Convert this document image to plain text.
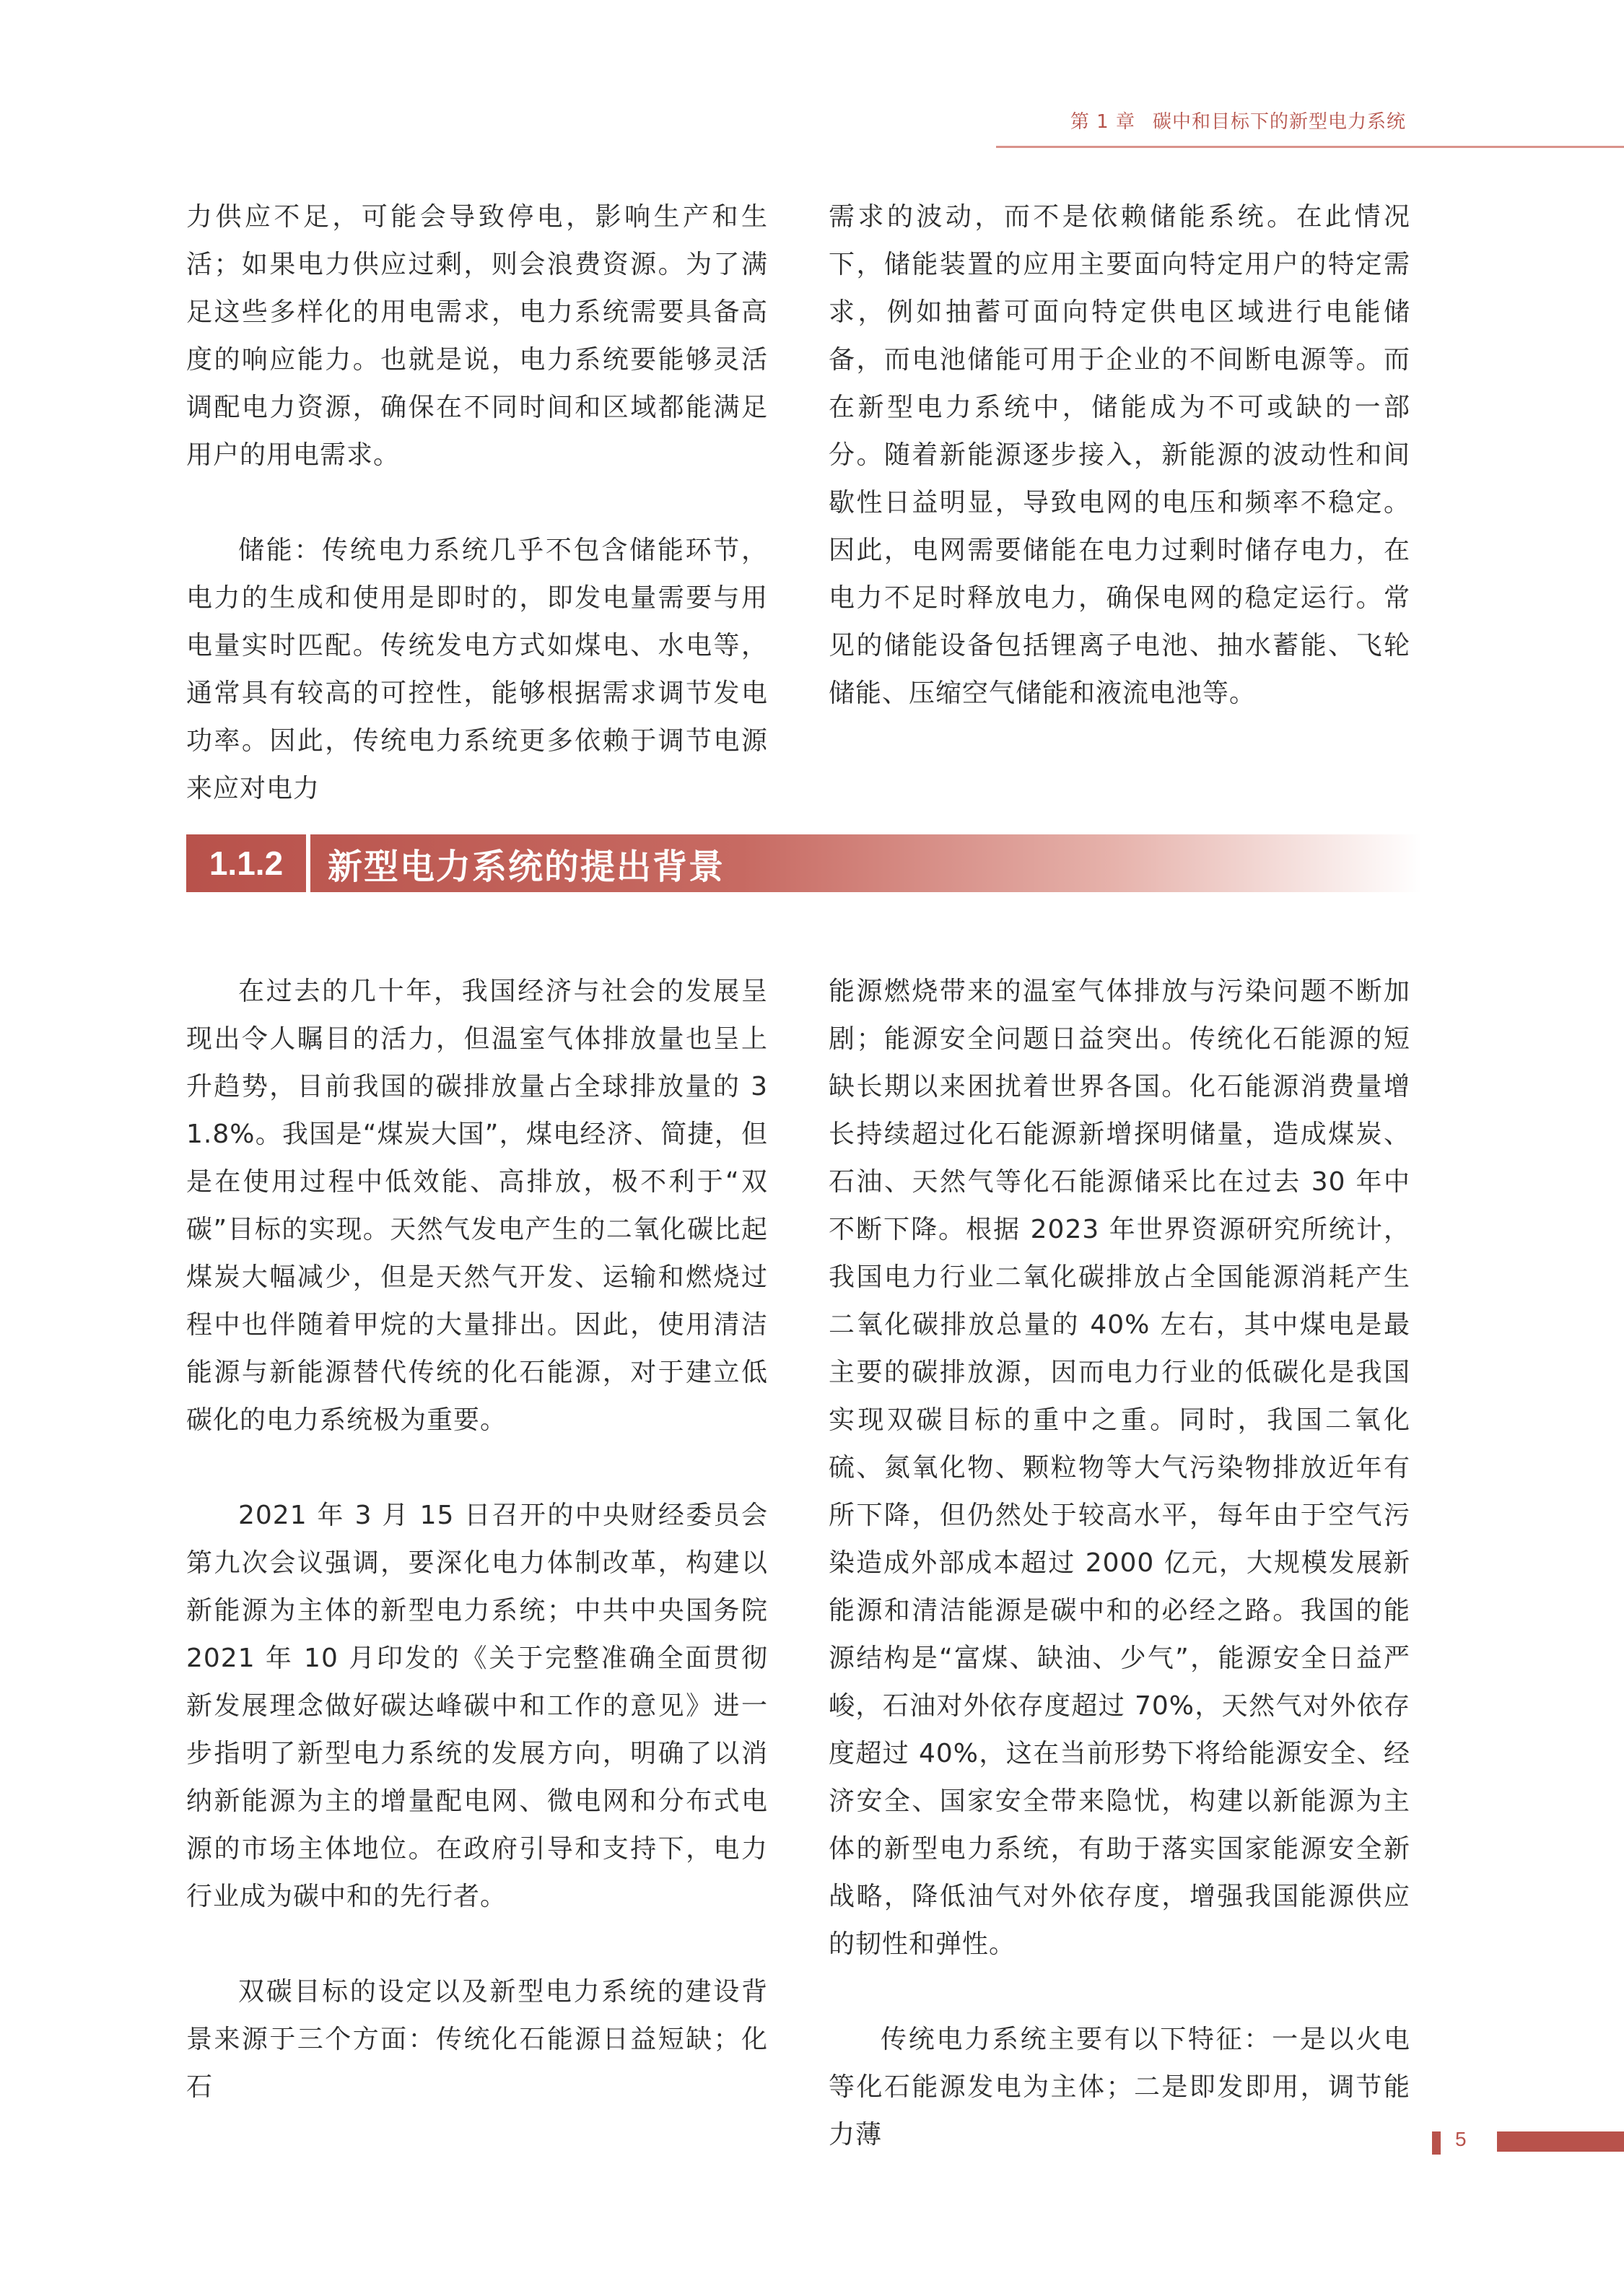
第 1 章 碳中和目标下的新型电力系统

力供应不足，可能会导致停电，影响生产和生活；如果电力供应过剩，则会浪费资源。为了满足这些多样化的用电需求，电力系统需要具备高度的响应能力。也就是说，电力系统要能够灵活调配电力资源，确保在不同时间和区域都能满足用户的用电需求。

储能：传统电力系统几乎不包含储能环节，电力的生成和使用是即时的，即发电量需要与用电量实时匹配。传统发电方式如煤电、水电等，通常具有较高的可控性，能够根据需求调节发电功率。因此，传统电力系统更多依赖于调节电源来应对电力

需求的波动，而不是依赖储能系统。在此情况下，储能装置的应用主要面向特定用户的特定需求，例如抽蓄可面向特定供电区域进行电能储备，而电池储能可用于企业的不间断电源等。而在新型电力系统中，储能成为不可或缺的一部分。随着新能源逐步接入，新能源的波动性和间歇性日益明显，导致电网的电压和频率不稳定。因此，电网需要储能在电力过剩时储存电力，在电力不足时释放电力，确保电网的稳定运行。常见的储能设备包括锂离子电池、抽水蓄能、飞轮储能、压缩空气储能和液流电池等。

1.1.2	新型电力系统的提出背景

在过去的几十年，我国经济与社会的发展呈现出令人瞩目的活力，但温室气体排放量也呈上升趋势，目前我国的碳排放量占全球排放量的 31.8%。我国是“煤炭大国”，煤电经济、简捷，但是在使用过程中低效能、高排放，极不利于“双碳”目标的实现。天然气发电产生的二氧化碳比起煤炭大幅减少，但是天然气开发、运输和燃烧过程中也伴随着甲烷的大量排出。因此，使用清洁能源与新能源替代传统的化石能源，对于建立低碳化的电力系统极为重要。

2021 年 3 月 15 日召开的中央财经委员会第九次会议强调，要深化电力体制改革，构建以新能源为主体的新型电力系统；中共中央国务院 2021 年 10 月印发的《关于完整准确全面贯彻新发展理念做好碳达峰碳中和工作的意见》进一步指明了新型电力系统的发展方向，明确了以消纳新能源为主的增量配电网、微电网和分布式电源的市场主体地位。在政府引导和支持下，电力行业成为碳中和的先行者。

双碳目标的设定以及新型电力系统的建设背景来源于三个方面：传统化石能源日益短缺；化石

能源燃烧带来的温室气体排放与污染问题不断加剧；能源安全问题日益突出。传统化石能源的短缺长期以来困扰着世界各国。化石能源消费量增长持续超过化石能源新增探明储量，造成煤炭、石油、天然气等化石能源储采比在过去 30 年中不断下降。根据 2023 年世界资源研究所统计，我国电力行业二氧化碳排放占全国能源消耗产生二氧化碳排放总量的 40% 左右，其中煤电是最主要的碳排放源，因而电力行业的低碳化是我国实现双碳目标的重中之重。同时，我国二氧化硫、氮氧化物、颗粒物等大气污染物排放近年有所下降，但仍然处于较高水平，每年由于空气污染造成外部成本超过 2000 亿元，大规模发展新能源和清洁能源是碳中和的必经之路。我国的能源结构是“富煤、缺油、少气”，能源安全日益严峻，石油对外依存度超过 70%，天然气对外依存度超过 40%，这在当前形势下将给能源安全、经济安全、国家安全带来隐忧，构建以新能源为主体的新型电力系统，有助于落实国家能源安全新战略，降低油气对外依存度，增强我国能源供应的韧性和弹性。

传统电力系统主要有以下特征：一是以火电等化石能源发电为主体；二是即发即用，调节能力薄	5
